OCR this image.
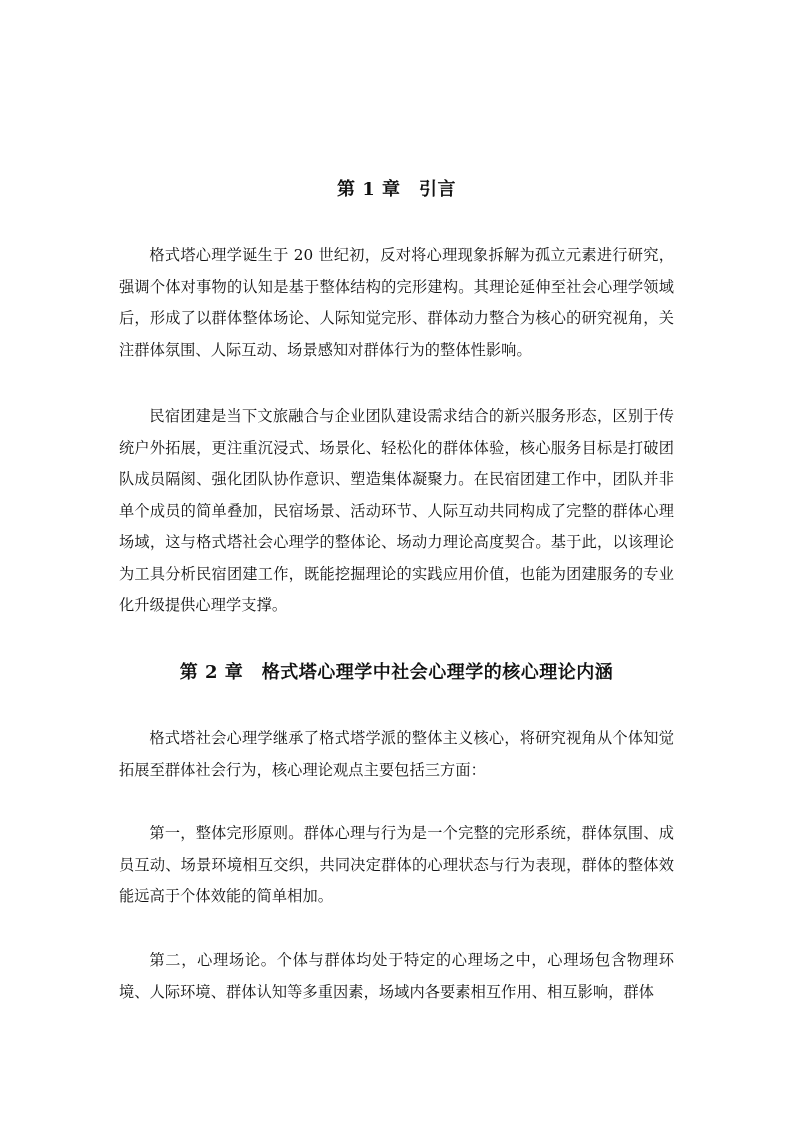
第 1 章　引言

格式塔心理学诞生于 20 世纪初，反对将心理现象拆解为孤立元素进行研究，强调个体对事物的认知是基于整体结构的完形建构。其理论延伸至社会心理学领域后，形成了以群体整体场论、人际知觉完形、群体动力整合为核心的研究视角，关注群体氛围、人际互动、场景感知对群体行为的整体性影响。

民宿团建是当下文旅融合与企业团队建设需求结合的新兴服务形态，区别于传统户外拓展，更注重沉浸式、场景化、轻松化的群体体验，核心服务目标是打破团队成员隔阂、强化团队协作意识、塑造集体凝聚力。在民宿团建工作中，团队并非单个成员的简单叠加，民宿场景、活动环节、人际互动共同构成了完整的群体心理场域，这与格式塔社会心理学的整体论、场动力理论高度契合。基于此，以该理论为工具分析民宿团建工作，既能挖掘理论的实践应用价值，也能为团建服务的专业化升级提供心理学支撑。

第 2 章　格式塔心理学中社会心理学的核心理论内涵

格式塔社会心理学继承了格式塔学派的整体主义核心，将研究视角从个体知觉拓展至群体社会行为，核心理论观点主要包括三方面：

第一，整体完形原则。群体心理与行为是一个完整的完形系统，群体氛围、成员互动、场景环境相互交织，共同决定群体的心理状态与行为表现，群体的整体效能远高于个体效能的简单相加。

第二，心理场论。个体与群体均处于特定的心理场之中，心理场包含物理环境、人际环境、群体认知等多重因素，场域内各要素相互作用、相互影响，群体
